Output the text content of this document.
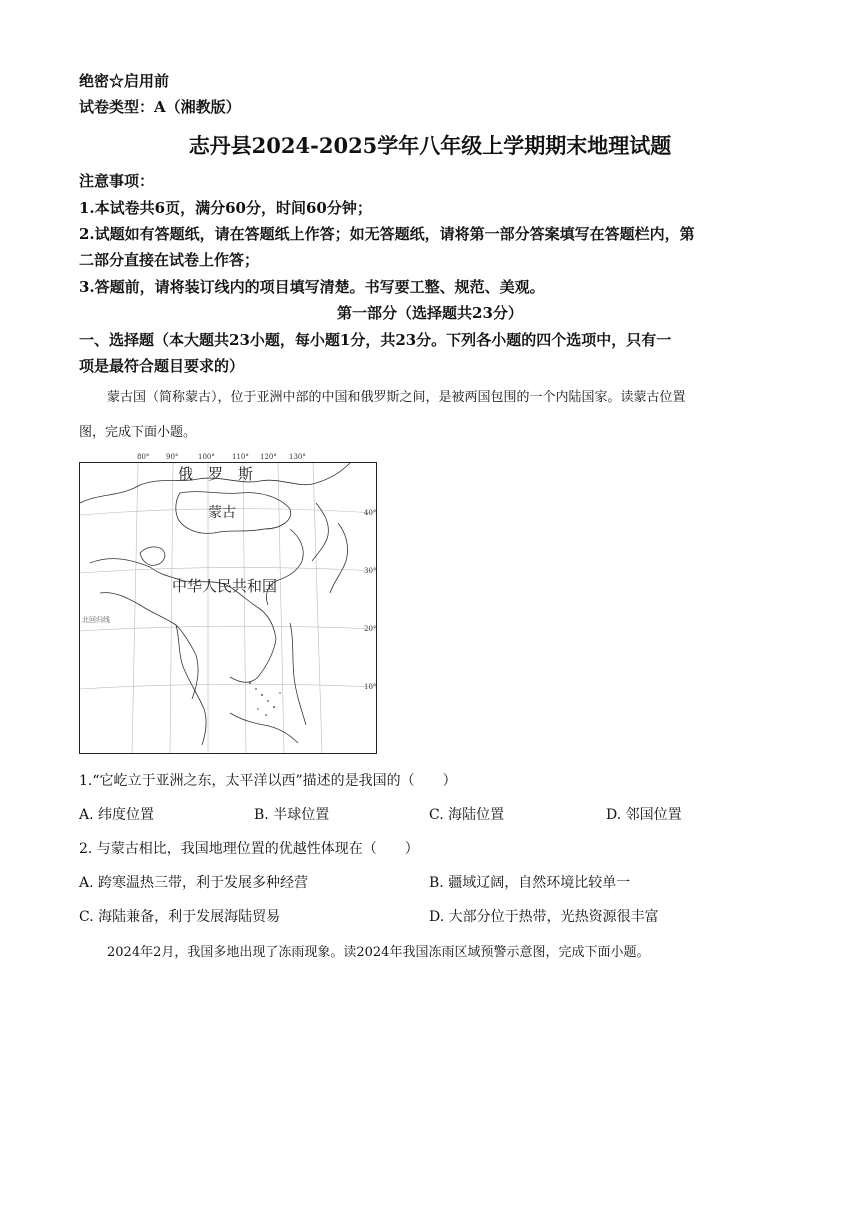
绝密☆启用前
试卷类型：A（湘教版）
志丹县2024-2025学年八年级上学期期末地理试题
注意事项：
1.本试卷共6页，满分60分，时间60分钟；
2.试题如有答题纸，请在答题纸上作答；如无答题纸，请将第一部分答案填写在答题栏内，第
二部分直接在试卷上作答；
3.答题前，请将装订线内的项目填写清楚。书写要工整、规范、美观。
第一部分（选择题共23分）
一、选择题（本大题共23小题，每小题1分，共23分。下列各小题的四个选项中，只有一
项是最符合题目要求的）
蒙古国（简称蒙古），位于亚洲中部的中国和俄罗斯之间，是被两国包围的一个内陆国家。读蒙古位置
图，完成下面小题。
俄　罗　斯
蒙古
中华人民共和国
北回归线
40°
30°
20°
10°
80° 90°	100° 110° 120° 130°
1.“它屹立于亚洲之东，太平洋以西”描述的是我国的（　　）
A. 纬度位置	B. 半球位置	C. 海陆位置	D. 邻国位置
2. 与蒙古相比，我国地理位置的优越性体现在（　　）
A. 跨寒温热三带，利于发展多种经营	B. 疆域辽阔，自然环境比较单一
C. 海陆兼备，利于发展海陆贸易	D. 大部分位于热带，光热资源很丰富
2024年2月，我国多地出现了冻雨现象。读2024年我国冻雨区域预警示意图，完成下面小题。
